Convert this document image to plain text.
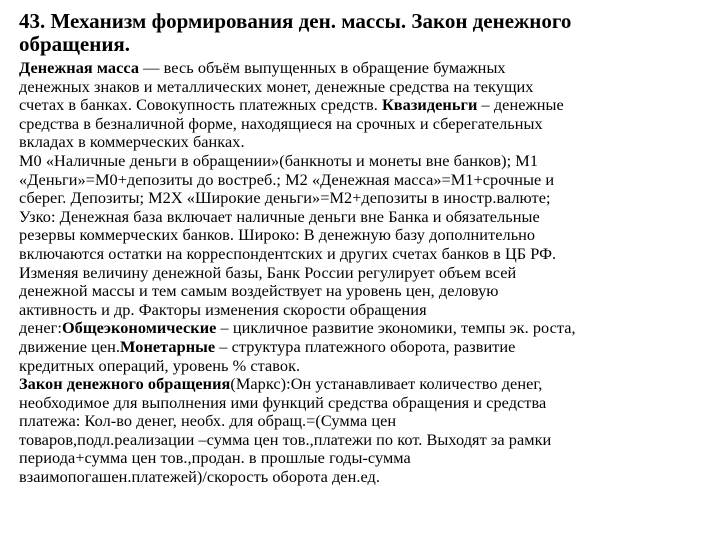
43. Механизм формирования ден. массы. Закон денежного
обращения.
Денежная масса — весь объём выпущенных в обращение бумажных
денежных знаков и металлических монет, денежные средства на текущих
счетах в банках. Совокупность платежных средств. Квазиденьги – денежные
средства в безналичной форме, находящиеся на срочных и сберегательных
вкладах в коммерческих банках.
М0 «Наличные деньги в обращении»(банкноты и монеты вне банков); М1
«Деньги»=М0+депозиты до востреб.; М2 «Денежная масса»=М1+срочные и
сберег. Депозиты; М2Х «Широкие деньги»=М2+депозиты в иностр.валюте;
Узко: Денежная база включает наличные деньги вне Банка и обязательные
резервы коммерческих банков. Широко: В денежную базу дополнительно
включаются остатки на корреспондентских и других счетах банков в ЦБ РФ.
Изменяя величину денежной базы, Банк России регулирует объем всей
денежной массы и тем самым воздействует на уровень цен, деловую
активность и др. Факторы изменения скорости обращения
денег:Общеэкономические – цикличное развитие экономики, темпы эк. роста,
движение цен.Монетарные – структура платежного оборота, развитие
кредитных операций, уровень % ставок.
Закон денежного обращения(Маркс):Он устанавливает количество денег,
необходимое для выполнения ими функций средства обращения и средства
платежа: Кол-во денег, необх. для обращ.=(Сумма цен
товаров,подл.реализации –сумма цен тов.,платежи по кот. Выходят за рамки
периода+сумма цен тов.,продан. в прошлые годы-сумма
взаимопогашен.платежей)/скорость оборота ден.ед.
